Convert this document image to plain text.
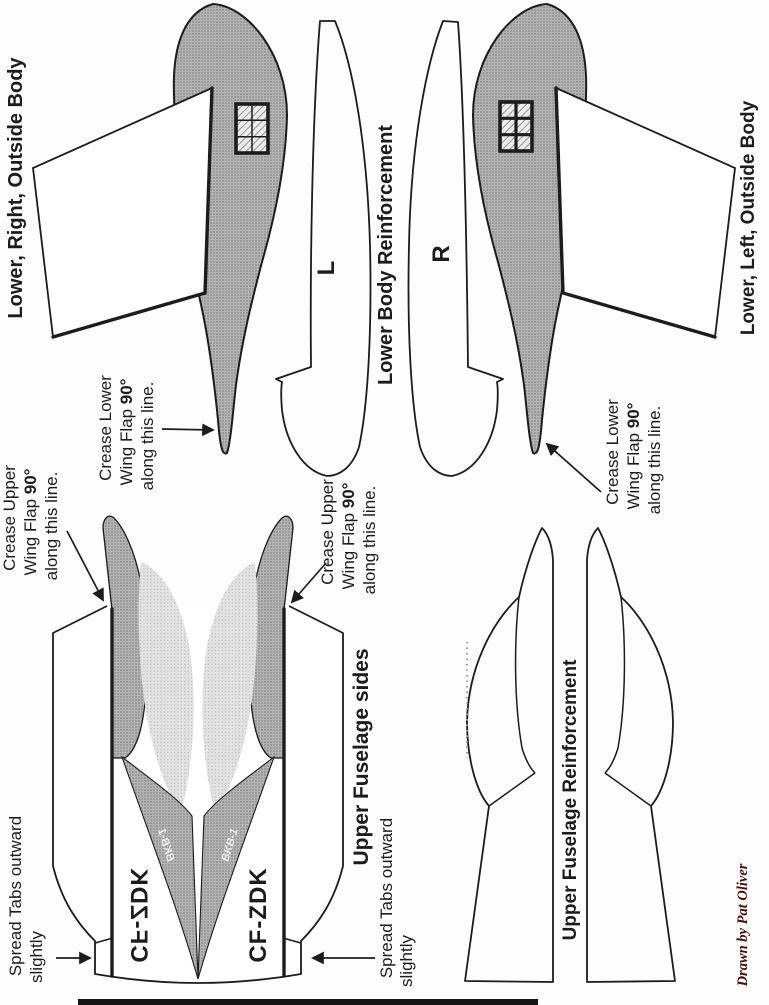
Lower, Right, Outside Body	L
R
Lower Body Reinforcement	Lower, Left, Outside Body
CF-ZDK	CF-ZDK
BKB-1	BKB-1	Upper Fuselage sides	Upper Fuselage Reinforcement
Crease Lower Wing Flap 90° along this line.	Crease Lower Wing Flap 90° along this line.
Crease Upper Wing Flap 90° along this line.	Crease Upper Wing Flap 90° along this line.
Spread Tabs outward slightly	Spread Tabs outward slightly	Drawn by Pat Oliver
